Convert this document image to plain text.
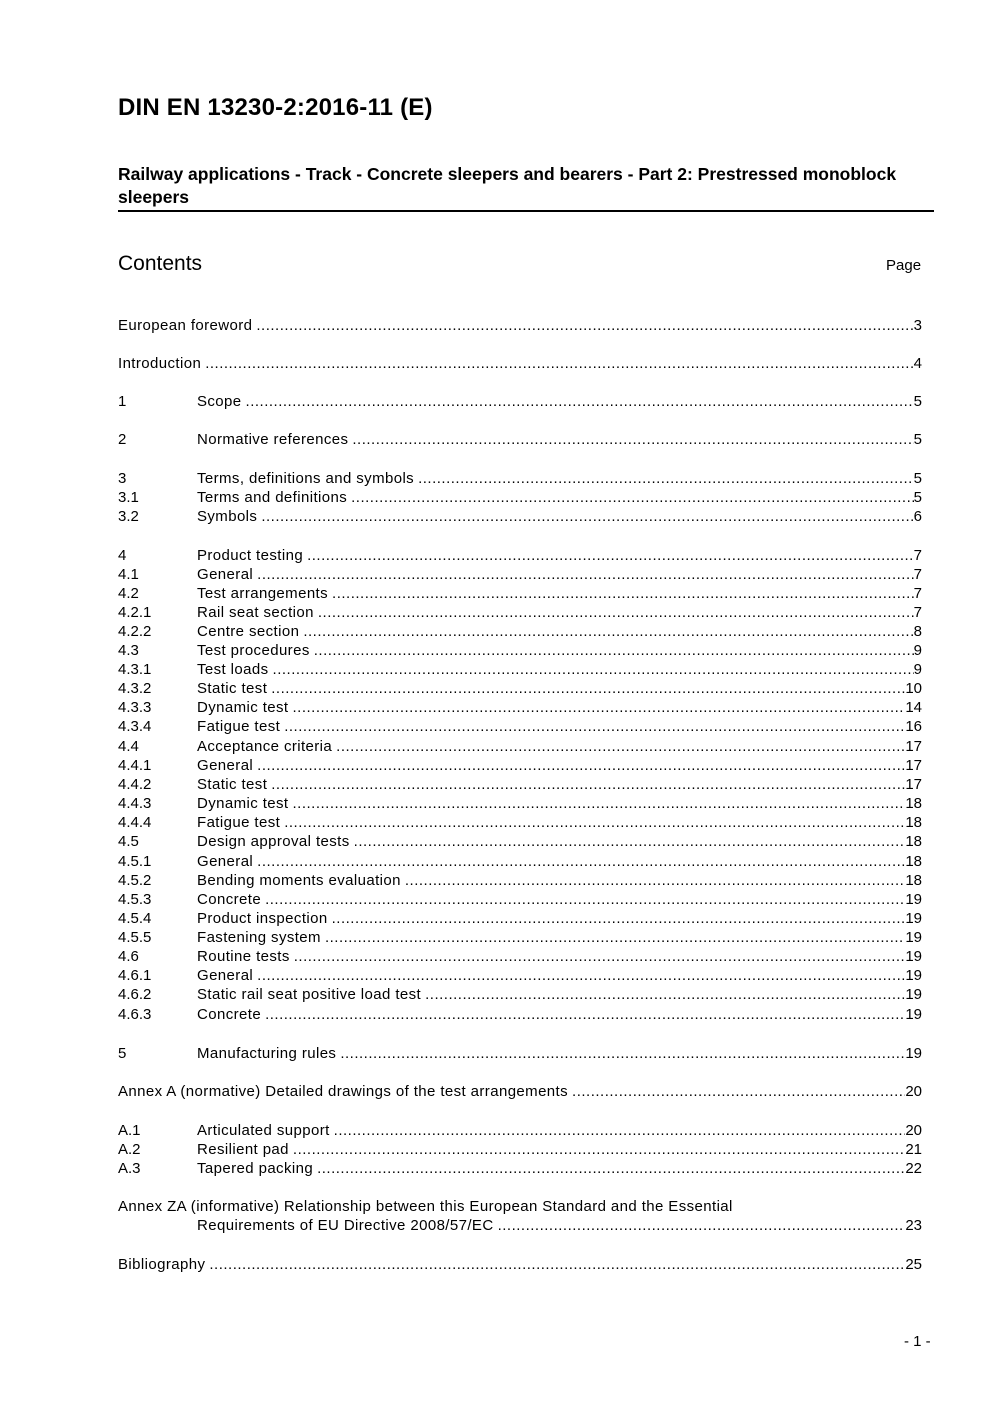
DIN EN 13230-2:2016-11 (E)
Railway applications - Track - Concrete sleepers and bearers - Part 2: Prestressed monoblock sleepers
Contents	Page
European foreword .....	3
Introduction .....	4
1	Scope .....	5
2	Normative references .....	5
3	Terms, definitions and symbols .....	5
3.1	Terms and definitions .....	5
3.2	Symbols .....	6
4	Product testing .....	7
4.1	General .....	7
4.2	Test arrangements .....	7
4.2.1	Rail seat section .....	7
4.2.2	Centre section .....	8
4.3	Test procedures .....	9
4.3.1	Test loads .....	9
4.3.2	Static test .....	10
4.3.3	Dynamic test .....	14
4.3.4	Fatigue test .....	16
4.4	Acceptance criteria .....	17
4.4.1	General .....	17
4.4.2	Static test .....	17
4.4.3	Dynamic test .....	18
4.4.4	Fatigue test .....	18
4.5	Design approval tests .....	18
4.5.1	General .....	18
4.5.2	Bending moments evaluation .....	18
4.5.3	Concrete .....	19
4.5.4	Product inspection .....	19
4.5.5	Fastening system .....	19
4.6	Routine tests .....	19
4.6.1	General .....	19
4.6.2	Static rail seat positive load test .....	19
4.6.3	Concrete .....	19
5	Manufacturing rules .....	19
Annex A (normative) Detailed drawings of the test arrangements .....	20
A.1	Articulated support .....	20
A.2	Resilient pad .....	21
A.3	Tapered packing .....	22
Annex ZA (informative) Relationship between this European Standard and the Essential
Requirements of EU Directive 2008/57/EC .....	23
Bibliography .....	25
- 1 -
